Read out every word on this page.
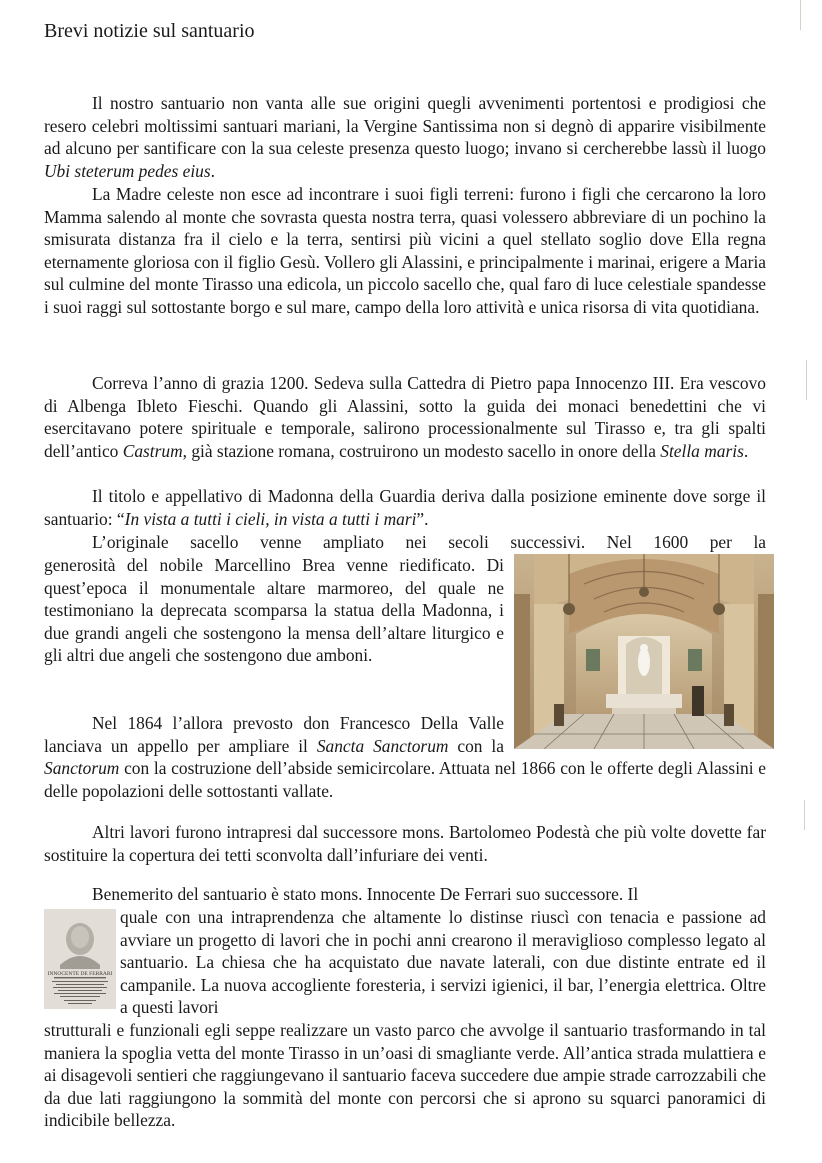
Brevi notizie sul santuario

Il nostro santuario non vanta alle sue origini quegli avvenimenti portentosi e prodigiosi che resero celebri moltissimi santuari mariani, la Vergine Santissima non si degnò di apparire visibilmente ad alcuno per santificare con la sua celeste presenza questo luogo; invano si cercherebbe lassù il luogo Ubi steterum pedes eius.

La Madre celeste non esce ad incontrare i suoi figli terreni: furono i figli che cercarono la loro Mamma salendo al monte che sovrasta questa nostra terra, quasi volessero abbreviare di un pochino la smisurata distanza fra il cielo e la terra, sentirsi più vicini a quel stellato soglio dove Ella regna eternamente gloriosa con il figlio Gesù. Vollero gli Alassini, e principalmente i marinai, erigere a Maria sul culmine del monte Tirasso una edicola, un piccolo sacello che, qual faro di luce celestiale spandesse i suoi raggi sul sottostante borgo e sul mare, campo della loro attività e unica risorsa di vita quotidiana.

Correva l’anno di grazia 1200. Sedeva sulla Cattedra di Pietro papa Innocenzo III. Era vescovo di Albenga Ibleto Fieschi. Quando gli Alassini, sotto la guida dei monaci benedettini che vi esercitavano potere spirituale e temporale, salirono processionalmente sul Tirasso e, tra gli spalti dell’antico Castrum, già stazione romana, costruirono un modesto sacello in onore della Stella maris.

Il titolo e appellativo di Madonna della Guardia deriva dalla posizione eminente dove sorge il santuario: “In vista a tutti i cieli, in vista a tutti i mari”.

L’originale sacello venne ampliato nei secoli successivi. Nel 1600 per la

generosità del nobile Marcellino Brea venne riedificato. Di quest’epoca il monumentale altare marmoreo, del quale ne testimoniano la deprecata scomparsa la statua della Madonna, i due grandi angeli che sostengono la mensa dell’altare liturgico e gli altri due angeli che sostengono due amboni.

Nel 1864 l’allora prevosto don Francesco Della Valle lanciava un appello per ampliare il Sancta Sanctorum con la

Sanctorum con la costruzione dell’abside semicircolare. Attuata nel 1866 con le offerte degli Alassini e delle popolazioni delle sottostanti vallate.

Altri lavori furono intrapresi dal successore mons. Bartolomeo Podestà che più volte dovette far sostituire la copertura dei tetti sconvolta dall’infuriare dei venti.

Benemerito del santuario è stato mons. Innocente De Ferrari suo successore. Il

INNOCENTE DE FERRARI

quale con una intraprendenza che altamente lo distinse riuscì con tenacia e passione ad avviare un progetto di lavori che in pochi anni crearono il meraviglioso complesso legato al santuario. La chiesa che ha acquistato due navate laterali, con due distinte entrate ed il campanile. La nuova accogliente foresteria, i servizi igienici, il bar, l’energia elettrica. Oltre a questi lavori

strutturali e funzionali egli seppe realizzare un vasto parco che avvolge il santuario trasformando in tal maniera la spoglia vetta del monte Tirasso in un’oasi di smagliante verde. All’antica strada mulattiera e ai disagevoli sentieri che raggiungevano il santuario faceva succedere due ampie strade carrozzabili che da due lati raggiungono la sommità del monte con percorsi che si aprono su squarci panoramici di indicibile bellezza.
